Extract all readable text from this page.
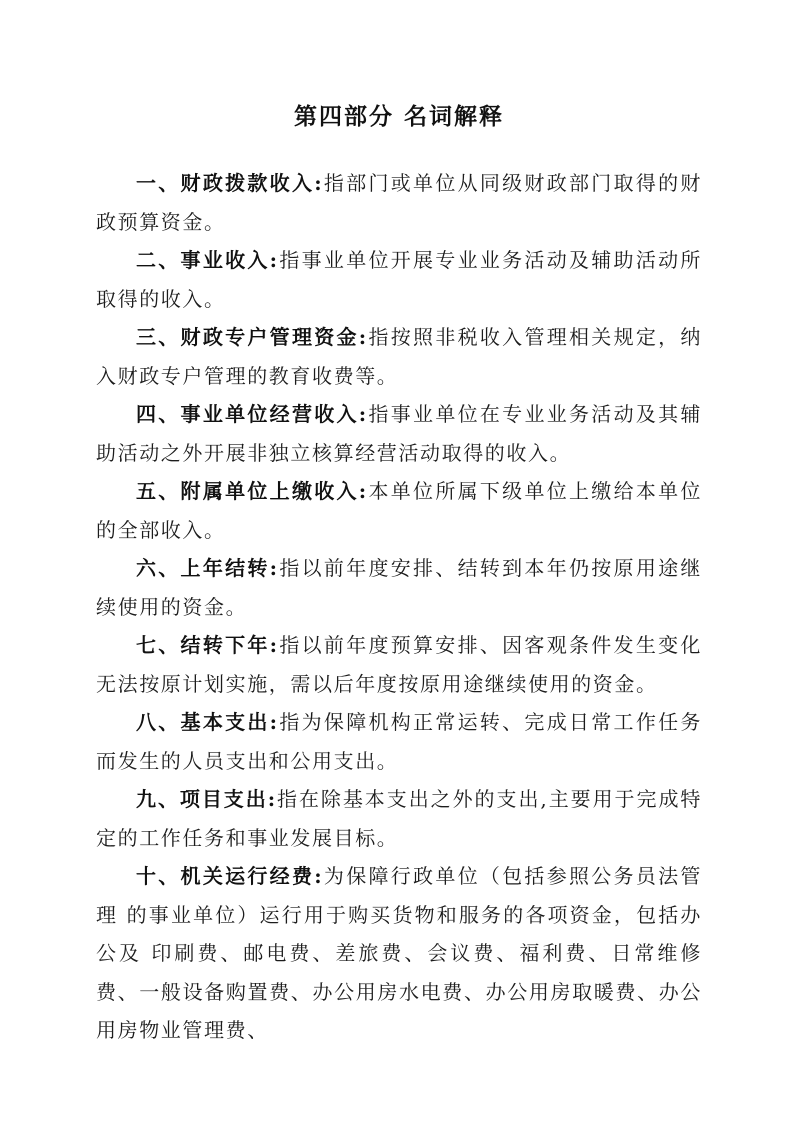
第四部分 名词解释

一、财政拨款收入:指部门或单位从同级财政部门取得的财 政预算资金。

二、事业收入:指事业单位开展专业业务活动及辅助活动所 取得的收入。

三、财政专户管理资金:指按照非税收入管理相关规定，纳 入财政专户管理的教育收费等。

四、事业单位经营收入:指事业单位在专业业务活动及其辅 助活动之外开展非独立核算经营活动取得的收入。

五、附属单位上缴收入:本单位所属下级单位上缴给本单位 的全部收入。

六、上年结转:指以前年度安排、结转到本年仍按原用途继 续使用的资金。

七、结转下年:指以前年度预算安排、因客观条件发生变化 无法按原计划实施，需以后年度按原用途继续使用的资金。

八、基本支出:指为保障机构正常运转、完成日常工作任务 而发生的人员支出和公用支出。

九、项目支出:指在除基本支出之外的支出,主要用于完成特定的工作任务和事业发展目标。

十、机关运行经费:为保障行政单位（包括参照公务员法管理 的事业单位）运行用于购买货物和服务的各项资金，包括办公及 印刷费、邮电费、差旅费、会议费、福利费、日常维修费、一般设备购置费、办公用房水电费、办公用房取暖费、办公用房物业管理费、
